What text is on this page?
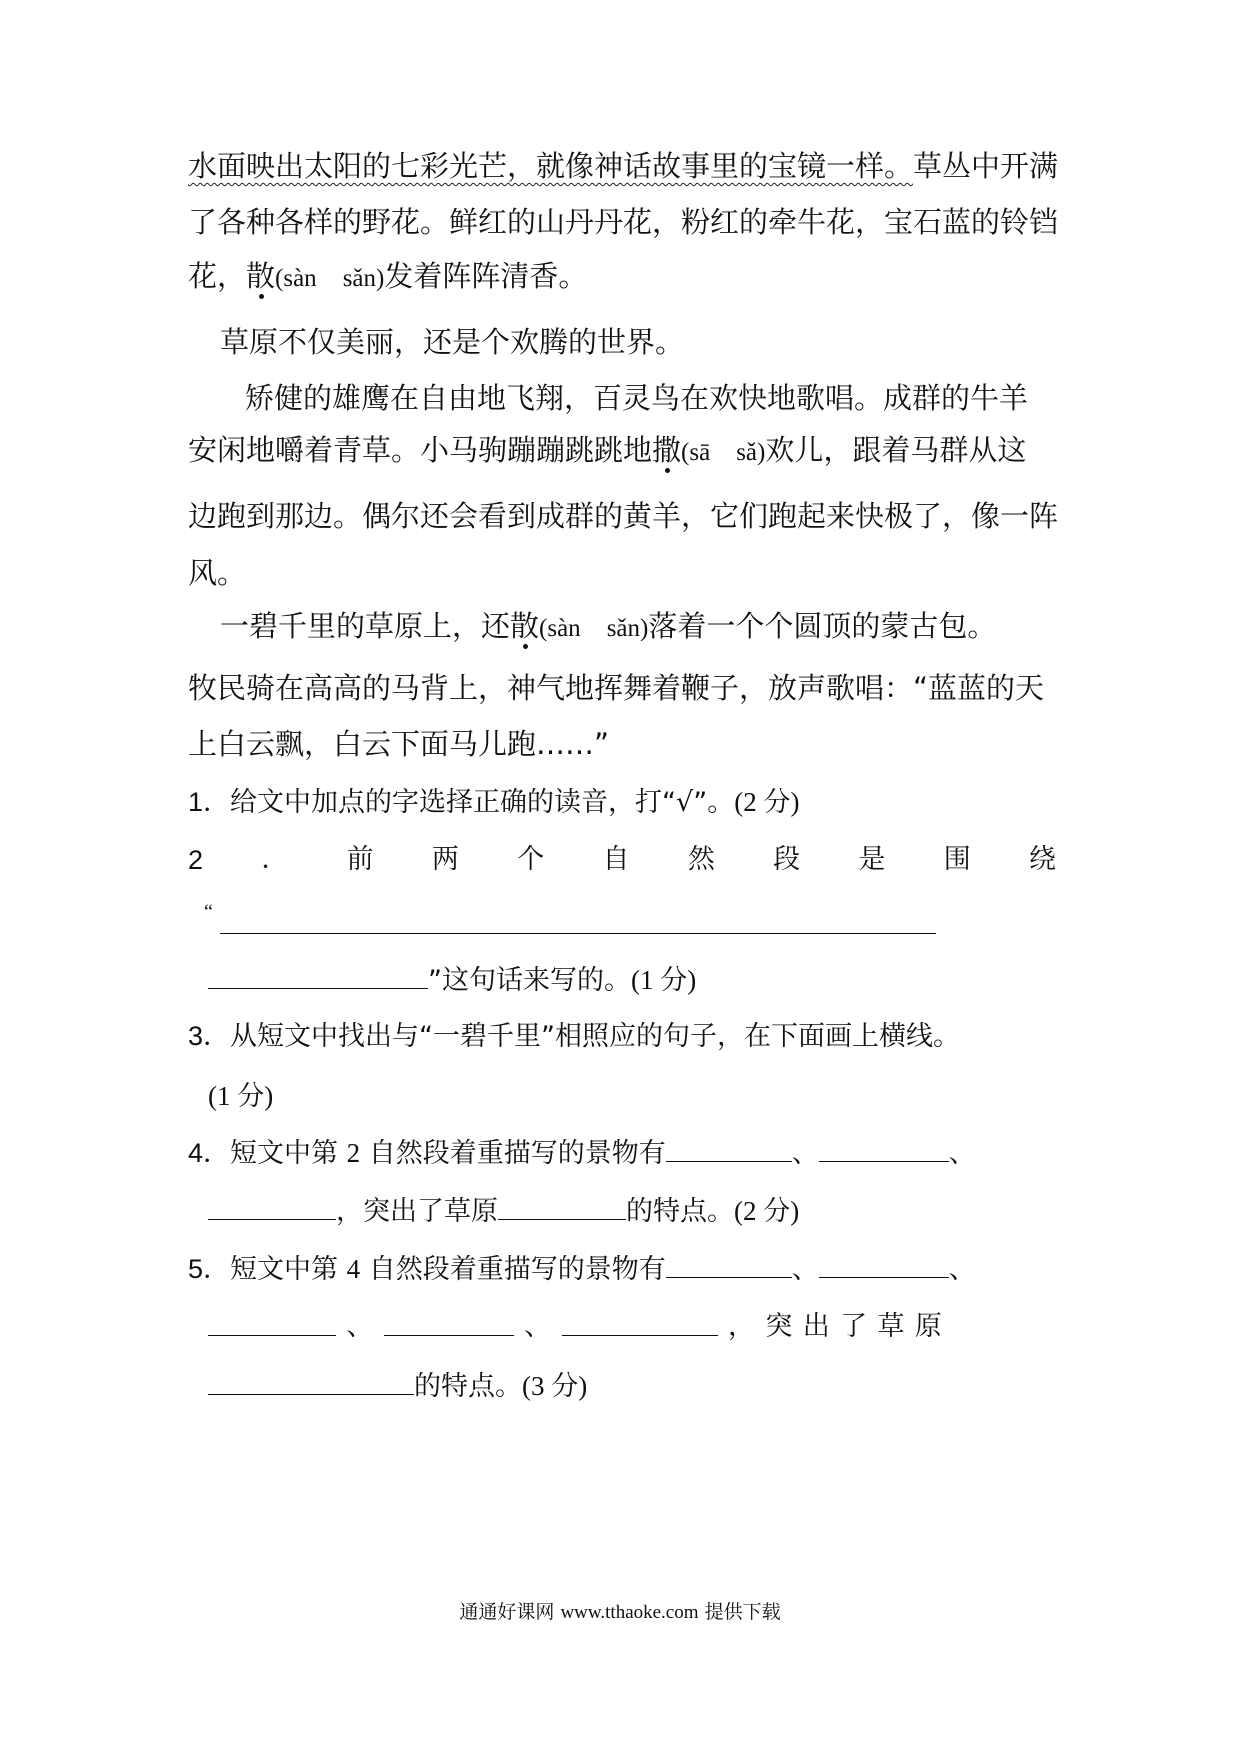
水面映出太阳的七彩光芒，就像神话故事里的宝镜一样。草丛中开满
了各种各样的野花。鲜红的山丹丹花，粉红的牵牛花，宝石蓝的铃铛
花，散(sàn sǎn)发着阵阵清香。
草原不仅美丽，还是个欢腾的世界。
矫健的雄鹰在自由地飞翔，百灵鸟在欢快地歌唱。成群的牛羊
安闲地嚼着青草。小马驹蹦蹦跳跳地撒(sā sǎ)欢儿，跟着马群从这
边跑到那边。偶尔还会看到成群的黄羊，它们跑起来快极了，像一阵
风。
一碧千里的草原上，还散(sàn sǎn)落着一个个圆顶的蒙古包。
牧民骑在高高的马背上，神气地挥舞着鞭子，放声歌唱：“蓝蓝的天
上白云飘，白云下面马儿跑……”
1．给文中加点的字选择正确的读音，打“√”。(2 分)
2 ． 前 两 个 自 然 段 是 围 绕
“
”这句话来写的。(1 分)
3．从短文中找出与“一碧千里”相照应的句子，在下面画上横线。
(1 分)
4．短文中第 2 自然段着重描写的景物有	、	、
，突出了草原	的特点。(2 分)
5．短文中第 4 自然段着重描写的景物有	、	、
、	、	， 突 出 了 草 原
的特点。(3 分)
通通好课网 www.tthaoke.com 提供下载
